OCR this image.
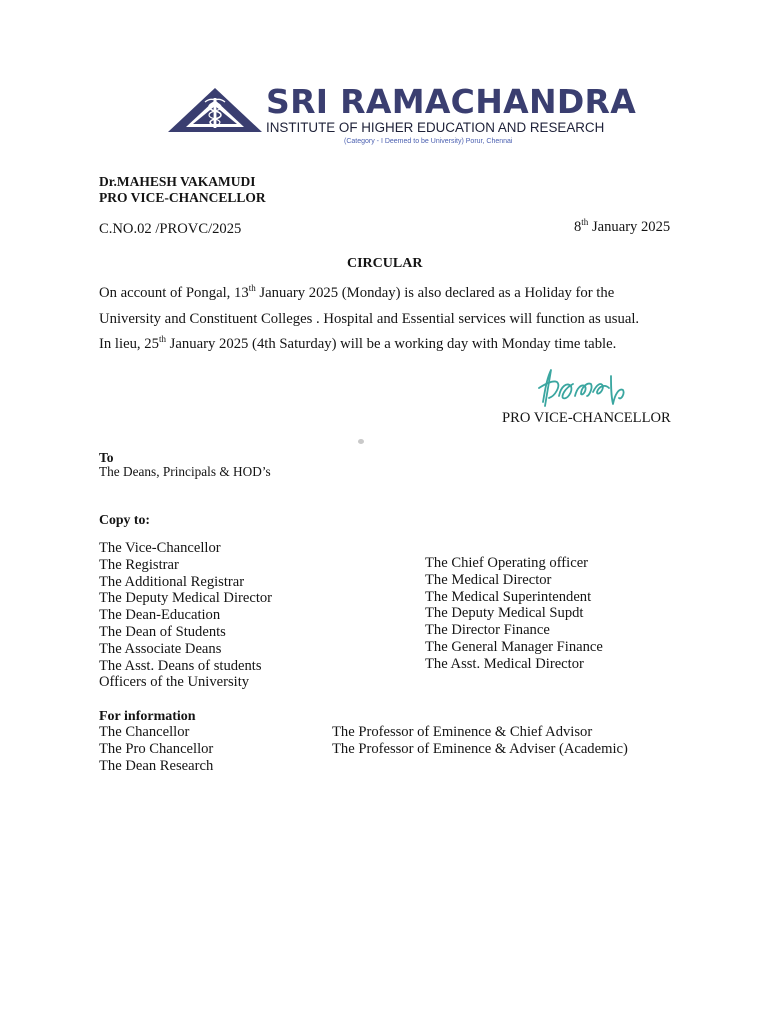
SRI RAMACHANDRA
INSTITUTE OF HIGHER EDUCATION AND RESEARCH
(Category - I Deemed to be University) Porur, Chennai
Dr.MAHESH VAKAMUDI
PRO VICE-CHANCELLOR
C.NO.02 /PROVC/2025	8th January 2025
CIRCULAR
On account of Pongal, 13th January 2025 (Monday) is also declared as a Holiday for the
University and Constituent Colleges . Hospital and Essential services will function as usual.
In lieu, 25th January 2025 (4th Saturday) will be a working day with Monday time table.
PRO VICE-CHANCELLOR
To
The Deans, Principals & HOD’s
Copy to:
The Vice-Chancellor
The Registrar
The Additional Registrar
The Deputy Medical Director
The Dean-Education
The Dean of Students
The Associate Deans
The Asst. Deans of students
Officers of the University
The Chief Operating officer
The Medical Director
The Medical Superintendent
The Deputy Medical Supdt
The Director Finance
The General Manager Finance
The Asst. Medical Director
For information
The Chancellor
The Pro Chancellor
The Dean Research
The Professor of Eminence & Chief Advisor
The Professor of Eminence & Adviser (Academic)
